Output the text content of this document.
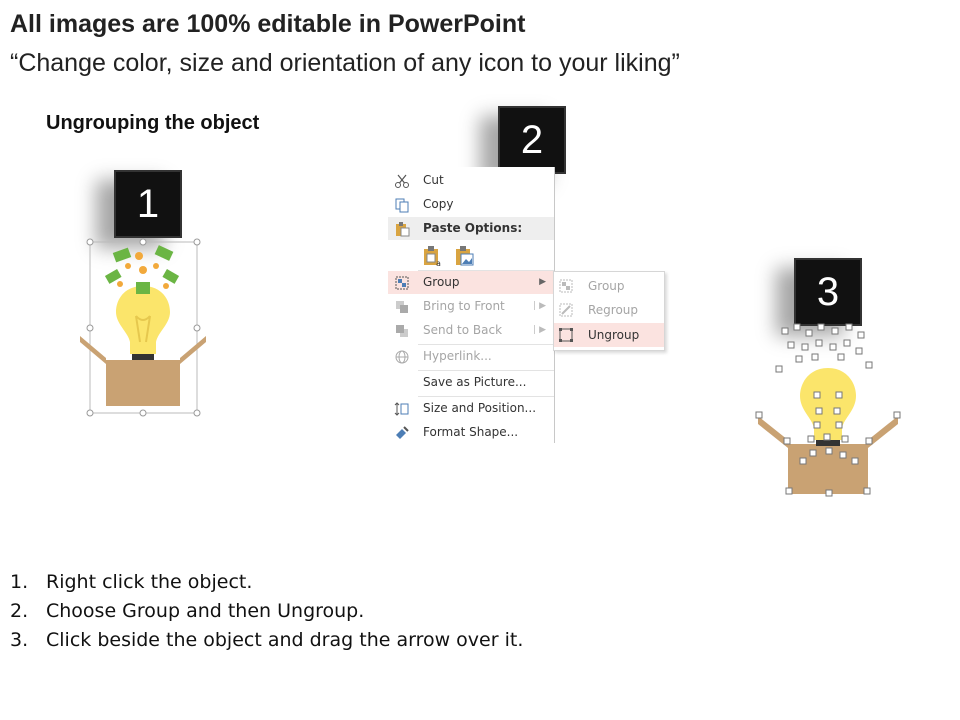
All images are 100% editable in PowerPoint
“Change color, size and orientation of any icon to your liking”
Ungrouping the object
1
2
3
Cut
Copy
Paste Options:
a
Group	▶
Bring to Front	| ▶
Send to Back	| ▶
Hyperlink...
Save as Picture...
Size and Position...
Format Shape...
Group
Regroup
Ungroup
1. Right click the object.
2. Choose Group and then Ungroup.
3. Click beside the object and drag the arrow over it.
